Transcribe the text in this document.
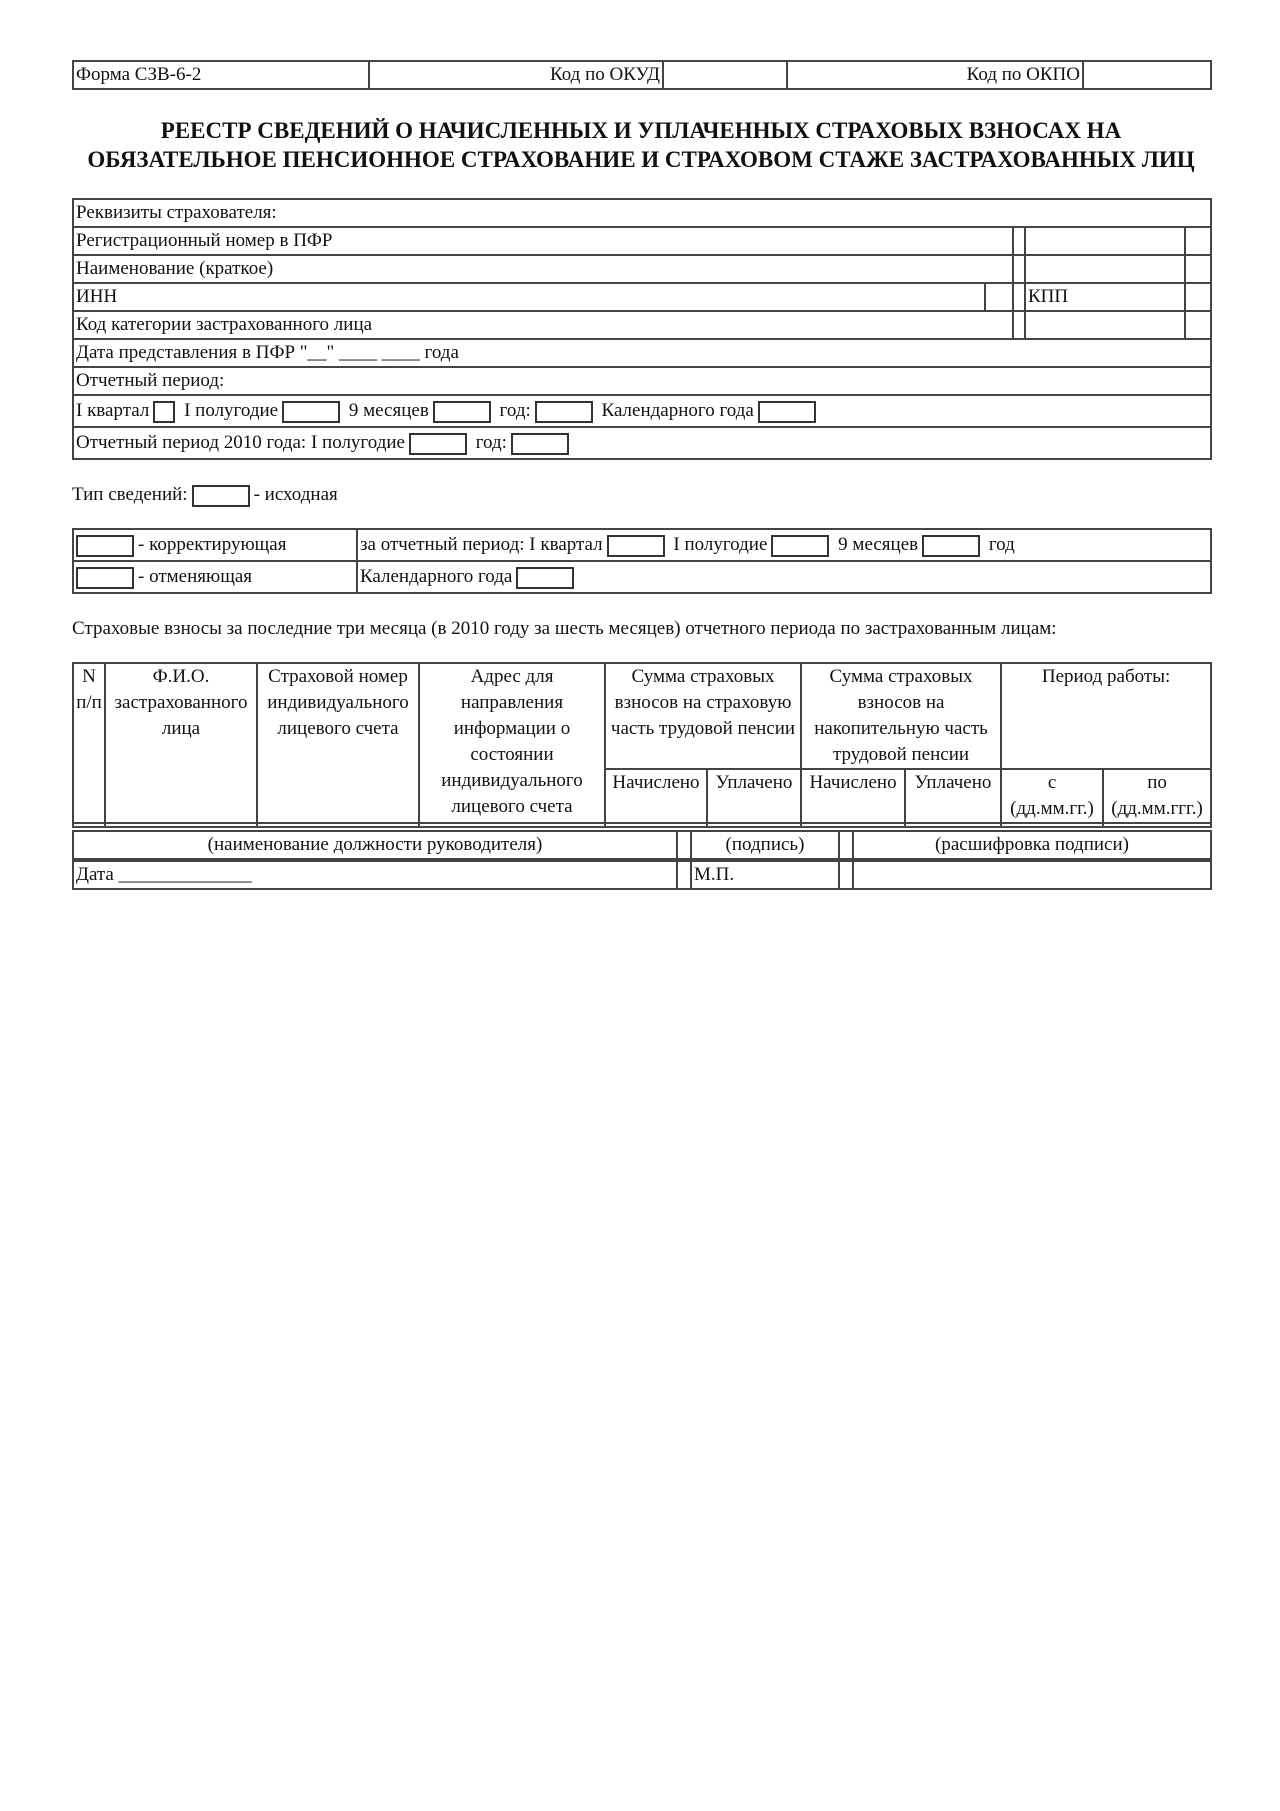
Форма СЗВ-6-2	Код по ОКУД		Код по ОКПО	
РЕЕСТР СВЕДЕНИЙ О НАЧИСЛЕННЫХ И УПЛАЧЕННЫХ СТРАХОВЫХ ВЗНОСАХ НА ОБЯЗАТЕЛЬНОЕ ПЕНСИОННОЕ СТРАХОВАНИЕ И СТРАХОВОМ СТАЖЕ ЗАСТРАХОВАННЫХ ЛИЦ
Реквизиты страхователя:				
Регистрационный номер в ПФР				
Наименование (краткое)				
ИНН			КПП	
Код категории застрахованного лица				
Дата представления в ПФР "__" ____ ____ года				
Отчетный период:				
I квартал I полугодие 9 месяцев год: Календарного года				
Отчетный период 2010 года: I полугодие год:				
Тип сведений:	- исходная
- корректирующая	за отчетный период: I квартал I полугодие 9 месяцев год
- отменяющая	Календарного года
Страховые взносы за последние три месяца (в 2010 году за шесть месяцев) отчетного периода по застрахованным лицам:
N п/п	Ф.И.О. застрахованного лица	Страховой номер индивидуального лицевого счета	Адрес для направления информации о состоянии индивидуального лицевого счета	Сумма страховых взносов на страховую часть трудовой пенсии		Сумма страховых взносов на накопительную часть трудовой пенсии		Период работы:	
				Начислено	Уплачено	Начислено	Уплачено	с (дд.мм.гг.)	по (дд.мм.ггг.)

(наименование должности руководителя)		(подпись)		(расшифровка подписи)

Дата ______________		М.П.		
